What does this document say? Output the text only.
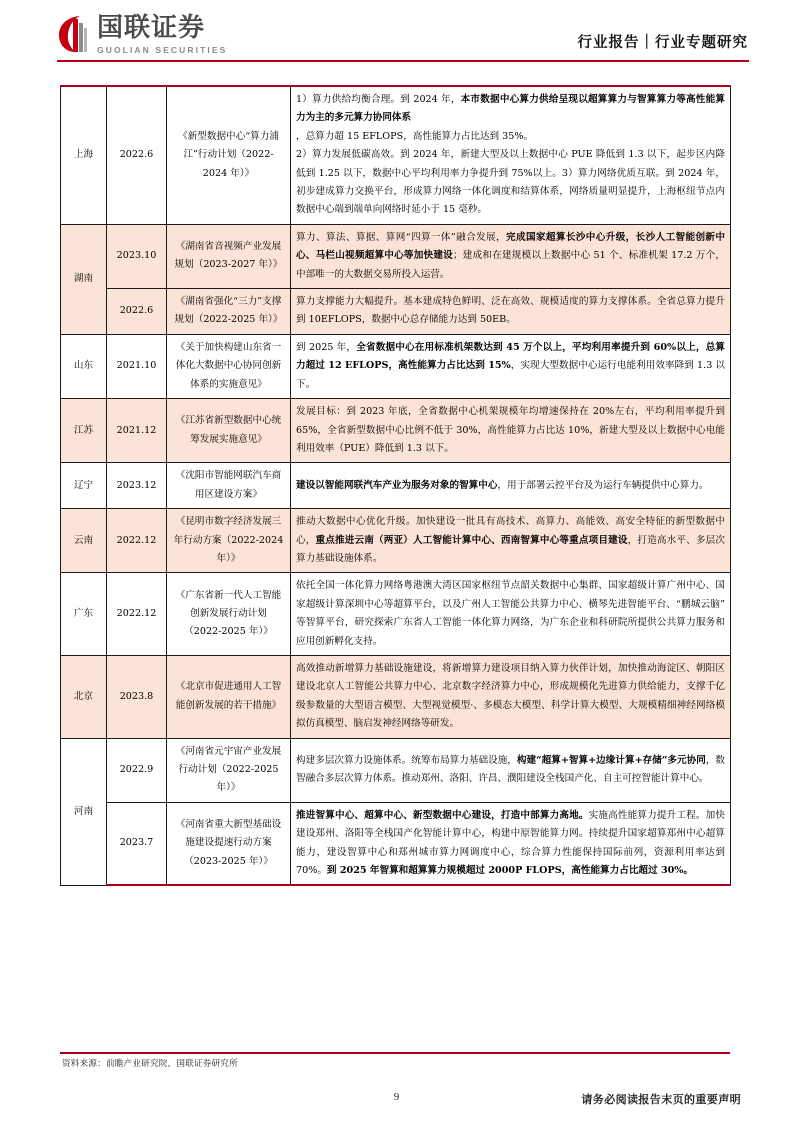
国联证券
GUOLIAN SECURITIES	行业报告｜行业专题研究
上海	2022.6	《新型数据中心“算力浦江”行动计划（2022-2024 年）》	1）算力供给均衡合理。到 2024 年，本市数据中心算力供给呈现以超算算力与智算算力等高性能算力为主的多元算力协同体系

，总算力超 15 EFLOPS，高性能算力占比达到 35%。

2）算力发展低碳高效。到 2024 年，新建大型及以上数据中心 PUE 降低到 1.3 以下，起步区内降低到 1.25 以下，数据中心平均利用率力争提升到 75%以上。3）算力网络优质互联。到 2024 年，初步建成算力交换平台，形成算力网络一体化调度和结算体系，网络质量明显提升，上海枢纽节点内数据中心端到端单向网络时延小于 15 毫秒。

湖南	2023.10	《湖南省音视频产业发展规划（2023-2027 年）》	算力、算法、算据、算网“四算一体”融合发展，完成国家超算长沙中心升级，长沙人工智能创新中心、马栏山视频超算中心等加快建设；建成和在建规模以上数据中心 51 个、标准机架 17.2 万个，中部唯一的大数据交易所投入运营。

	2022.6	《湖南省强化“三力”支撑规划（2022-2025 年）》	算力支撑能力大幅提升。基本建成特色鲜明、泛在高效、规模适度的算力支撑体系。全省总算力提升到 10EFLOPS，数据中心总存储能力达到 50EB。

山东	2021.10	《关于加快构建山东省一体化大数据中心协同创新体系的实施意见》	到 2025 年，全省数据中心在用标准机架数达到 45 万个以上，平均利用率提升到 60%以上，总算力超过 12 EFLOPS，高性能算力占比达到 15%，实现大型数据中心运行电能利用效率降到 1.3 以下。

江苏	2021.12	《江苏省新型数据中心统筹发展实施意见》	发展目标：到 2023 年底，全省数据中心机架规模年均增速保持在 20%左右，平均利用率提升到 65%，全省新型数据中心比例不低于 30%，高性能算力占比达 10%，新建大型及以上数据中心电能利用效率（PUE）降低到 1.3 以下。

辽宁	2023.12	《沈阳市智能网联汽车商用区建设方案》	建设以智能网联汽车产业为服务对象的智算中心，用于部署云控平台及为运行车辆提供中心算力。

云南	2022.12	《昆明市数字经济发展三年行动方案（2022-2024 年）》	推动大数据中心优化升级。加快建设一批具有高技术、高算力、高能效、高安全特征的新型数据中心，重点推进云南（两亚）人工智能计算中心、西南智算中心等重点项目建设，打造高水平、多层次算力基础设施体系。

广东	2022.12	《广东省新一代人工智能创新发展行动计划（2022-2025 年）》	依托全国一体化算力网络粤港澳大湾区国家枢纽节点韶关数据中心集群、国家超级计算广州中心、国家超级计算深圳中心等超算平台，以及广州人工智能公共算力中心、横琴先进智能平台、“鹏城云脑”等智算平台，研究探索广东省人工智能一体化算力网络，为广东企业和科研院所提供公共算力服务和应用创新孵化支持。

北京	2023.8	《北京市促进通用人工智能创新发展的若干措施》	高效推动新增算力基础设施建设，将新增算力建设项目纳入算力伙伴计划，加快推动海淀区、朝阳区建设北京人工智能公共算力中心、北京数字经济算力中心，形成规模化先进算力供给能力，支撑千亿级参数量的大型语言模型、大型视觉模型·、多模态大模型、科学计算大模型、大规模精细神经网络模拟仿真模型、脑启发神经网络等研发。

河南	2022.9	《河南省元宇宙产业发展行动计划（2022-2025 年）》	构建多层次算力设施体系。统筹布局算力基础设施，构建“超算+智算+边缘计算+存储”多元协同，数智融合多层次算力体系。推动郑州、洛阳、许昌、濮阳建设全栈国产化、自主可控智能计算中心。

	2023.7	《河南省重大新型基础设施建设提速行动方案（2023-2025 年）》	推进智算中心、超算中心、新型数据中心建设，打造中部算力高地。实施高性能算力提升工程。加快建设郑州、洛阳等全栈国产化智能计算中心，构建中原智能算力网。持续提升国家超算郑州中心超算能力，建设智算中心和郑州城市算力网调度中心，综合算力性能保持国际前列，资源利用率达到 70%。到 2025 年智算和超算算力规模超过 2000P FLOPS，高性能算力占比超过 30%。

资料来源：前瞻产业研究院，国联证券研究所
9	请务必阅读报告末页的重要声明
